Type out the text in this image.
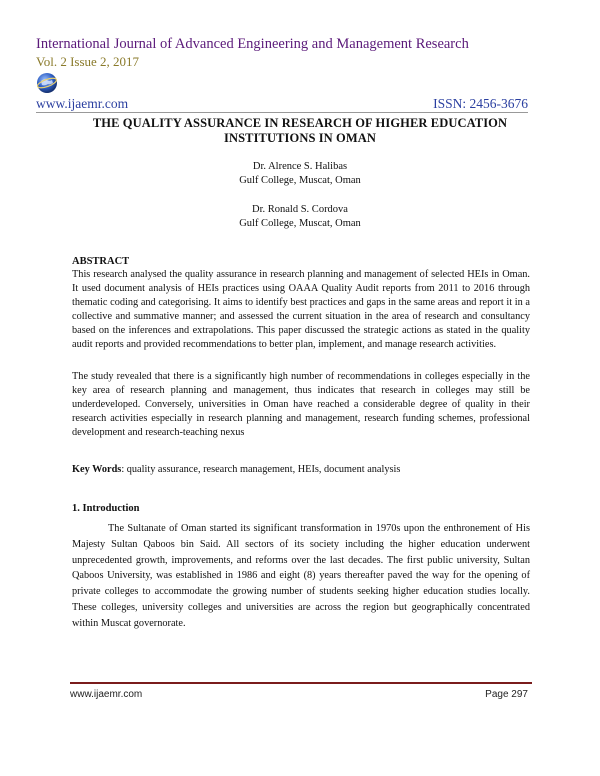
International Journal of Advanced Engineering and Management Research
Vol. 2 Issue 2, 2017
www.ijaemr.com	ISSN: 2456-3676
THE QUALITY ASSURANCE IN RESEARCH OF HIGHER EDUCATION INSTITUTIONS IN OMAN
Dr. Alrence S. Halibas
Gulf College, Muscat, Oman
Dr. Ronald S. Cordova
Gulf College, Muscat, Oman
ABSTRACT
This research analysed the quality assurance in research planning and management of selected HEIs in Oman. It used document analysis of HEIs practices using OAAA Quality Audit reports from 2011 to 2016 through thematic coding and categorising. It aims to identify best practices and gaps in the same areas and report it in a collective and summative manner; and assessed the current situation in the area of research and consultancy based on the inferences and extrapolations. This paper discussed the strategic actions as stated in the quality audit reports and provided recommendations to better plan, implement, and manage research activities.
The study revealed that there is a significantly high number of recommendations in colleges especially in the key area of research planning and management, thus indicates that research in colleges may still be underdeveloped. Conversely, universities in Oman have reached a considerable degree of quality in their research activities especially in research planning and management, research funding schemes, professional development and research-teaching nexus
Key Words: quality assurance, research management, HEIs, document analysis
1. Introduction
The Sultanate of Oman started its significant transformation in 1970s upon the enthronement of His Majesty Sultan Qaboos bin Said. All sectors of its society including the higher education underwent unprecedented growth, improvements, and reforms over the last decades. The first public university, Sultan Qaboos University, was established in 1986 and eight (8) years thereafter paved the way for the opening of private colleges to accommodate the growing number of students seeking higher education studies locally. These colleges, university colleges and universities are across the region but geographically concentrated within Muscat governorate.
www.ijaemr.com	Page 297
